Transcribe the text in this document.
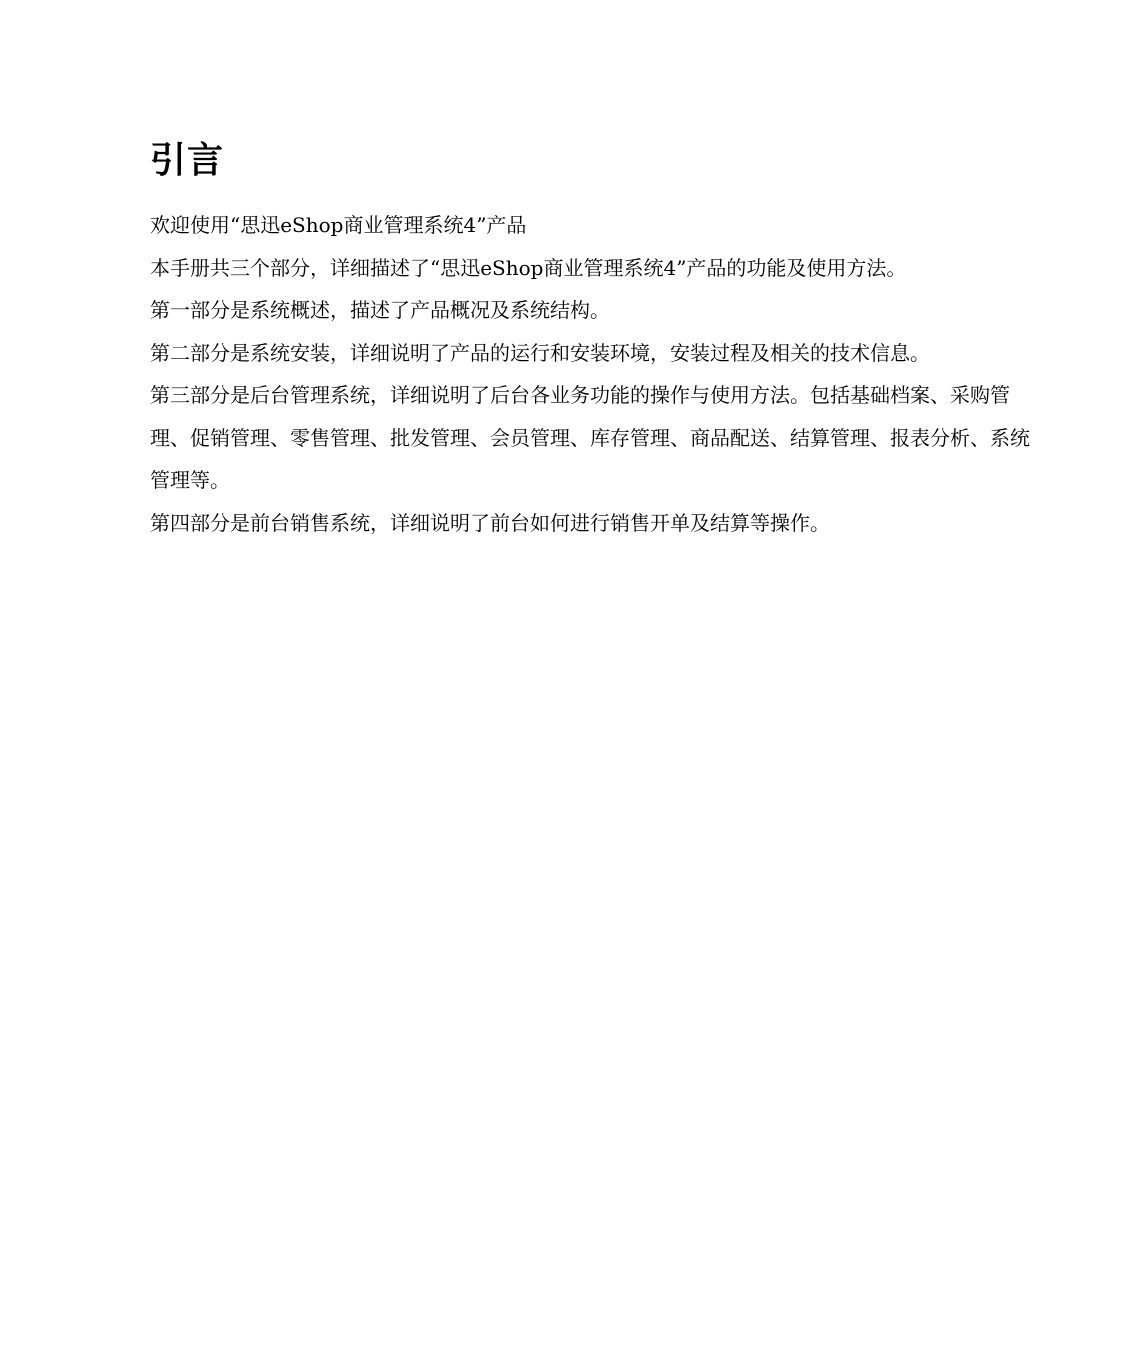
引言

欢迎使用“思迅eShop商业管理系统4”产品

本手册共三个部分，详细描述了“思迅eShop商业管理系统4”产品的功能及使用方法。

第一部分是系统概述，描述了产品概况及系统结构。

第二部分是系统安装，详细说明了产品的运行和安装环境，安装过程及相关的技术信息。

第三部分是后台管理系统，详细说明了后台各业务功能的操作与使用方法。包括基础档案、采购管理、促销管理、零售管理、批发管理、会员管理、库存管理、商品配送、结算管理、报表分析、系统管理等。

第四部分是前台销售系统，详细说明了前台如何进行销售开单及结算等操作。
